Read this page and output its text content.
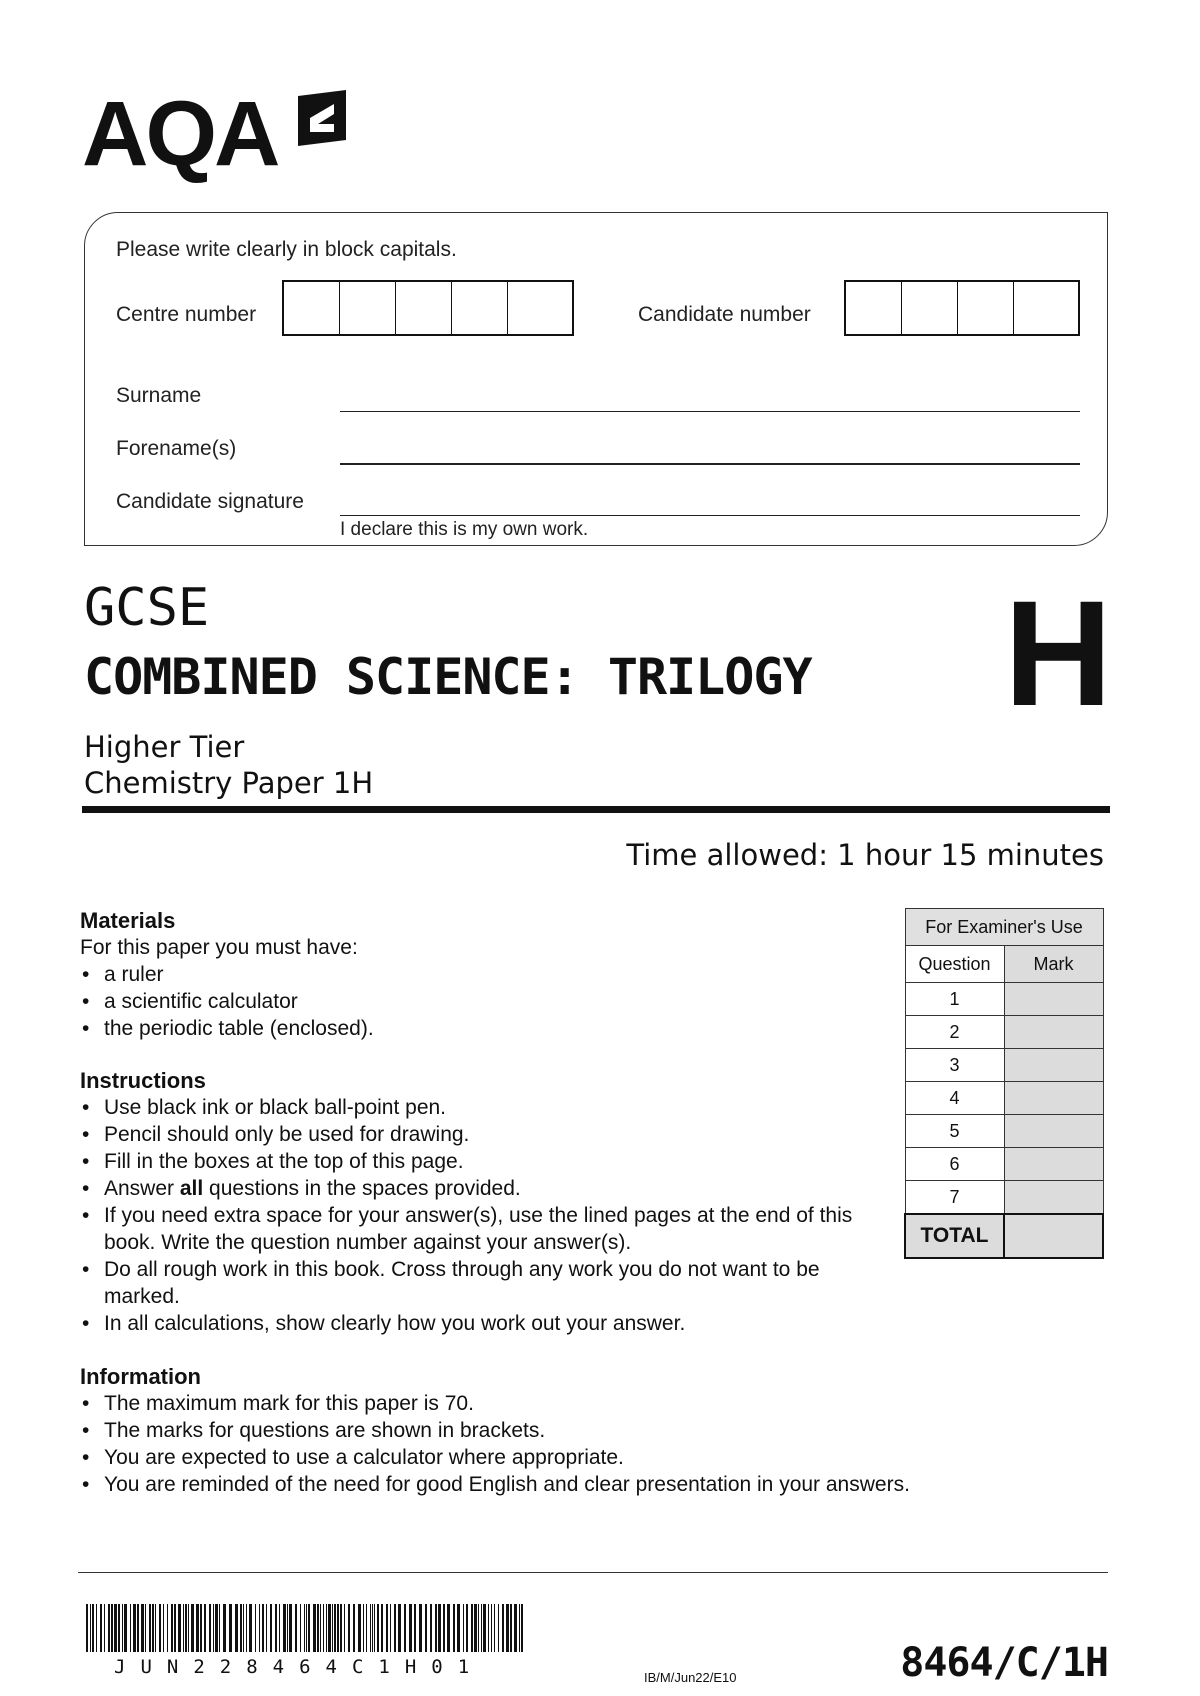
AQA
Please write clearly in block capitals.
Centre number	Candidate number
Surname
Forename(s)
Candidate signature
I declare this is my own work.
GCSE
COMBINED SCIENCE: TRILOGY H
Higher Tier
Chemistry Paper 1H
Time allowed: 1 hour 15 minutes
Materials
For this paper you must have:
• a ruler
• a scientific calculator
• the periodic table (enclosed).
Instructions
• Use black ink or black ball-point pen.
• Pencil should only be used for drawing.
• Fill in the boxes at the top of this page.
• Answer all questions in the spaces provided.
• If you need extra space for your answer(s), use the lined pages at the end of this book. Write the question number against your answer(s).
• Do all rough work in this book. Cross through any work you do not want to be marked.
• In all calculations, show clearly how you work out your answer.
Information
• The maximum mark for this paper is 70.
• The marks for questions are shown in brackets.
• You are expected to use a calculator where appropriate.
• You are reminded of the need for good English and clear presentation in your answers.
For Examiner's Use	
Question	Mark
1	
2	
3	
4	
5	
6	
7	
TOTAL	
JUN228464C1H01	IB/M/Jun22/E10	8464/C/1H
